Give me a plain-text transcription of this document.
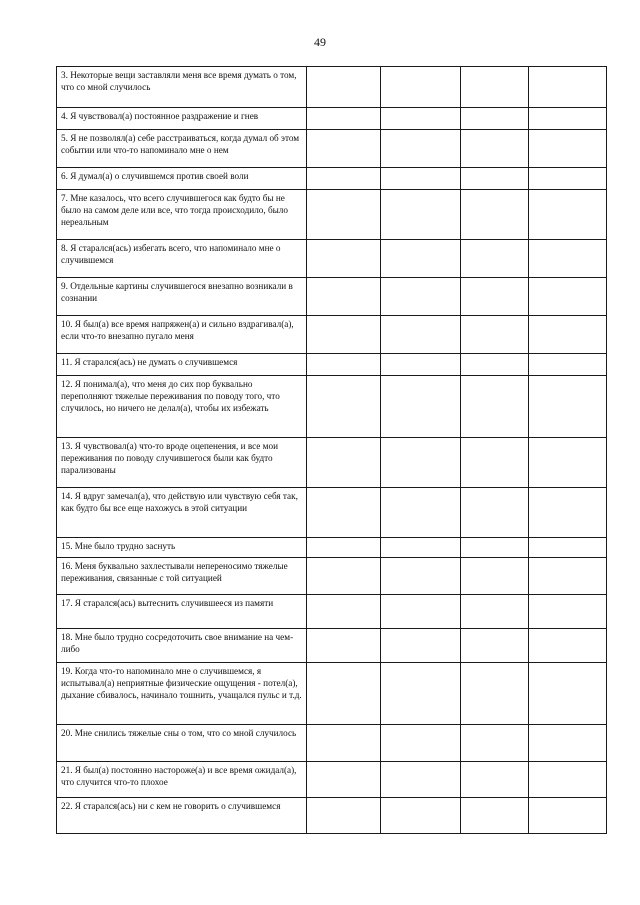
49
3. Некоторые вещи заставляли меня все время думать о том, что со мной случилось				
4. Я чувствовал(а) постоянное раздражение и гнев				
5. Я не позволял(а) себе расстраиваться, когда думал об этом событии или что-то напоминало мне о нем				
6. Я думал(а) о случившемся против своей воли				
7. Мне казалось, что всего случившегося как будто бы не было на самом деле или все, что тогда происходило, было нереальным				
8. Я старался(ась) избегать всего, что напоминало мне о случившемся				
9. Отдельные картины случившегося внезапно возникали в сознании				
10. Я был(а) все время напряжен(а) и сильно вздрагивал(а), если что-то внезапно пугало меня				
11. Я старался(ась) не думать о случившемся				
12. Я понимал(а), что меня до сих пор буквально переполняют тяжелые переживания по поводу того, что случилось, но ничего не делал(а), чтобы их избежать				
13. Я чувствовал(а) что-то вроде оцепенения, и все мои переживания по поводу случившегося были как будто парализованы				
14. Я вдруг замечал(а), что действую или чувствую себя так, как будто бы все еще нахожусь в этой ситуации				
15. Мне было трудно заснуть				
16. Меня буквально захлестывали непереносимо тяжелые переживания, связанные с той ситуацией				
17. Я старался(ась) вытеснить случившееся из памяти				
18. Мне было трудно сосредоточить свое внимание на чем-либо				
19. Когда что-то напоминало мне о случившемся, я испытывал(а) неприятные физические ощущения - потел(а), дыхание сбивалось, начинало тошнить, учащался пульс и т.д.				
20. Мне снились тяжелые сны о том, что со мной случилось				
21. Я был(а) постоянно настороже(а) и все время ожидал(а), что случится что-то плохое				
22. Я старался(ась) ни с кем не говорить о случившемся				
